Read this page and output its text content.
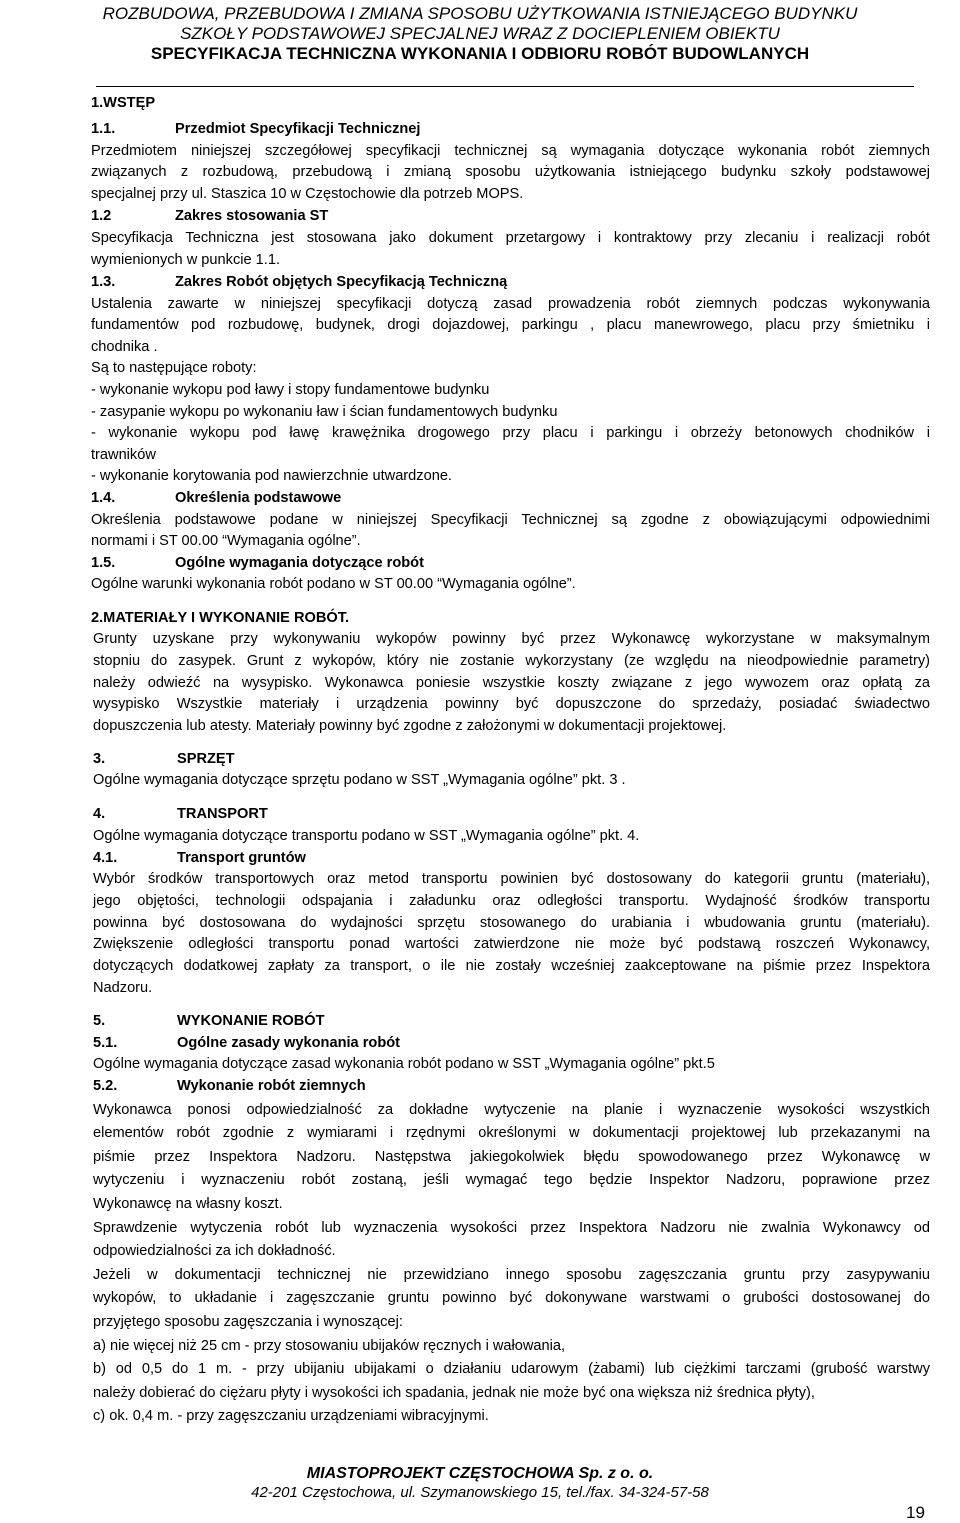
ROZBUDOWA, PRZEBUDOWA I ZMIANA SPOSOBU UŻYTKOWANIA ISTNIEJĄCEGO BUDYNKU
SZKOŁY PODSTAWOWEJ SPECJALNEJ WRAZ Z DOCIEPLENIEM OBIEKTU
SPECYFIKACJA TECHNICZNA WYKONANIA I ODBIORU ROBÓT BUDOWLANYCH
1.WSTĘP
1.1.	Przedmiot Specyfikacji Technicznej
Przedmiotem niniejszej szczegółowej specyfikacji technicznej są wymagania dotyczące wykonania robót ziemnych
związanych z rozbudową, przebudową i zmianą sposobu użytkowania istniejącego budynku szkoły podstawowej
specjalnej przy ul. Staszica 10 w Częstochowie dla potrzeb MOPS.
1.2	Zakres stosowania ST
Specyfikacja Techniczna jest stosowana jako dokument przetargowy i kontraktowy przy zlecaniu i realizacji robót
wymienionych w punkcie 1.1.
1.3.	Zakres Robót objętych Specyfikacją Techniczną
Ustalenia zawarte w niniejszej specyfikacji dotyczą zasad prowadzenia robót ziemnych podczas wykonywania
fundamentów pod rozbudowę, budynek, drogi dojazdowej, parkingu , placu manewrowego, placu przy śmietniku i
chodnika .
Są to następujące roboty:
- wykonanie wykopu pod ławy i stopy fundamentowe budynku
- zasypanie wykopu po wykonaniu ław i ścian fundamentowych budynku
- wykonanie wykopu pod ławę krawężnika drogowego przy placu i parkingu i obrzeży betonowych chodników i
trawników
- wykonanie korytowania pod nawierzchnie utwardzone.
1.4.	Określenia podstawowe
Określenia podstawowe podane w niniejszej Specyfikacji Technicznej są zgodne z obowiązującymi odpowiednimi
normami i ST 00.00 “Wymagania ogólne”.
1.5.	Ogólne wymagania dotyczące robót
Ogólne warunki wykonania robót podano w ST 00.00 “Wymagania ogólne”.
2.MATERIAŁY I WYKONANIE ROBÓT.
Grunty uzyskane przy wykonywaniu wykopów powinny być przez Wykonawcę wykorzystane w maksymalnym
stopniu do zasypek. Grunt z wykopów, który nie zostanie wykorzystany (ze względu na nieodpowiednie parametry)
należy odwieźć na wysypisko. Wykonawca poniesie wszystkie koszty związane z jego wywozem oraz opłatą za
wysypisko Wszystkie materiały i urządzenia powinny być dopuszczone do sprzedaży, posiadać świadectwo
dopuszczenia lub atesty. Materiały powinny być zgodne z założonymi w dokumentacji projektowej.
3.	SPRZĘT
Ogólne wymagania dotyczące sprzętu podano w SST „Wymagania ogólne” pkt. 3 .
4.	TRANSPORT
Ogólne wymagania dotyczące transportu podano w SST „Wymagania ogólne” pkt. 4.
4.1.	Transport gruntów
Wybór środków transportowych oraz metod transportu powinien być dostosowany do kategorii gruntu (materiału),
jego objętości, technologii odspajania i załadunku oraz odległości transportu. Wydajność środków transportu
powinna być dostosowana do wydajności sprzętu stosowanego do urabiania i wbudowania gruntu (materiału).
Zwiększenie odległości transportu ponad wartości zatwierdzone nie może być podstawą roszczeń Wykonawcy,
dotyczących dodatkowej zapłaty za transport, o ile nie zostały wcześniej zaakceptowane na piśmie przez Inspektora
Nadzoru.
5.	WYKONANIE ROBÓT
5.1.	Ogólne zasady wykonania robót
Ogólne wymagania dotyczące zasad wykonania robót podano w SST „Wymagania ogólne” pkt.5
5.2.	Wykonanie robót ziemnych
Wykonawca ponosi odpowiedzialność za dokładne wytyczenie na planie i wyznaczenie wysokości wszystkich
elementów robót zgodnie z wymiarami i rzędnymi określonymi w dokumentacji projektowej lub przekazanymi na
piśmie przez Inspektora Nadzoru. Następstwa jakiegokolwiek błędu spowodowanego przez Wykonawcę w
wytyczeniu i wyznaczeniu robót zostaną, jeśli wymagać tego będzie Inspektor Nadzoru, poprawione przez
Wykonawcę na własny koszt.
Sprawdzenie wytyczenia robót lub wyznaczenia wysokości przez Inspektora Nadzoru nie zwalnia Wykonawcy od
odpowiedzialności za ich dokładność.
Jeżeli w dokumentacji technicznej nie przewidziano innego sposobu zagęszczania gruntu przy zasypywaniu
wykopów, to układanie i zagęszczanie gruntu powinno być dokonywane warstwami o grubości dostosowanej do
przyjętego sposobu zagęszczania i wynoszącej:
a) nie więcej niż 25 cm - przy stosowaniu ubijaków ręcznych i wałowania,
b) od 0,5 do 1 m. - przy ubijaniu ubijakami o działaniu udarowym (żabami) lub ciężkimi tarczami (grubość warstwy
należy dobierać do ciężaru płyty i wysokości ich spadania, jednak nie może być ona większa niż średnica płyty),
c) ok. 0,4 m. - przy zagęszczaniu urządzeniami wibracyjnymi.
MIASTOPROJEKT CZĘSTOCHOWA Sp. z o. o.
42-201 Częstochowa, ul. Szymanowskiego 15, tel./fax. 34-324-57-58
19
